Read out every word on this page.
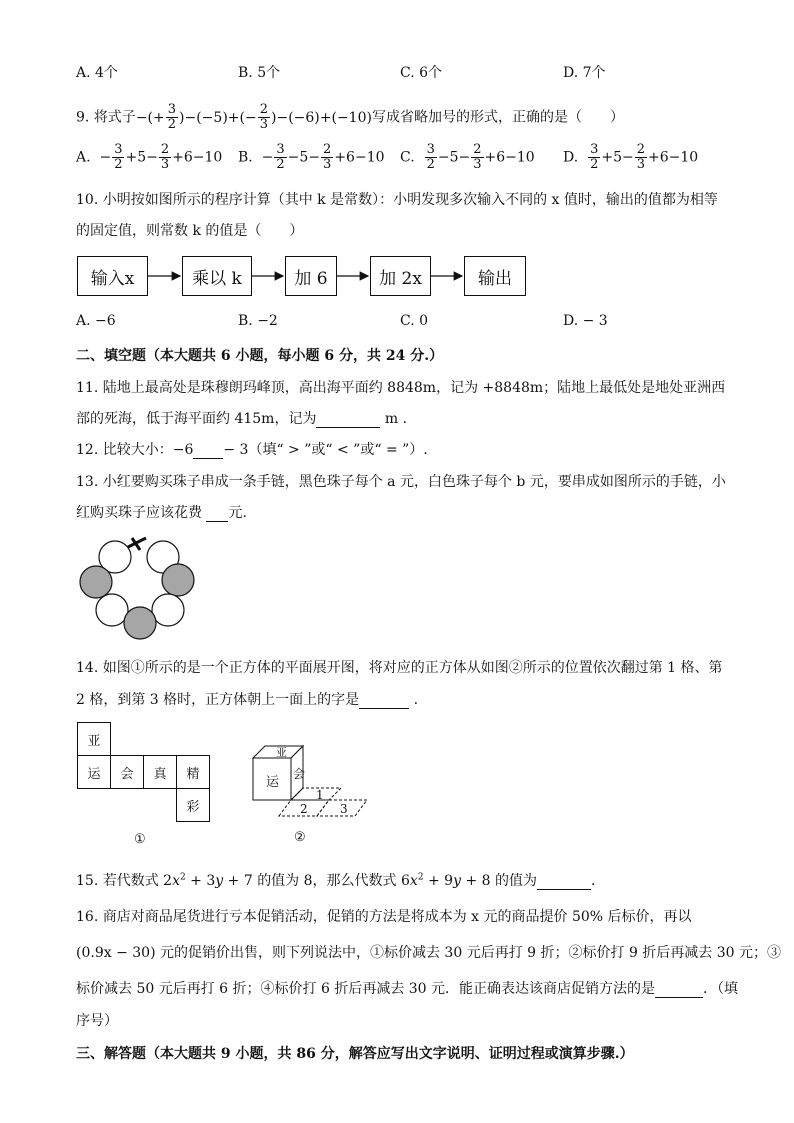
A. 4个	B. 5个	C. 6个	D. 7个
9. 将式子−(+ $\frac{3}{2} )-(-5)+(- \frac{2}{3} )-(-6)+(-10)$写成省略加号的形式，正确的是（　　）
A.  − $\frac{3}{2} +5- \frac{2}{3} +6-10$ B.  − $\frac{3}{2} -5- \frac{2}{3} +6-10$ C. $\frac{3}{2} -5- \frac{2}{3} +6-10$ D. $\frac{3}{2} +5- \frac{2}{3} +6-10$
10. 小明按如图所示的程序计算（其中 k 是常数）：小明发现多次输入不同的 x 值时，输出的值都为相等
的固定值，则常数 k 的值是（　　）
输入x	乘以 k	加 6	加 2x	输出
A. −6	B. −2	C. 0	D. − 3
二、填空题（本大题共 6 小题，每小题 6 分，共 24 分.）
11. 陆地上最高处是珠穆朗玛峰顶，高出海平面约 8848m，记为 +8848m；陆地上最低处是地处亚洲西
部的死海，低于海平面约 415m，记为	m .
12. 比较大小：−6 − 3（填“ > ”或“ < ”或“ = ”）.
13. 小红要购买珠子串成一条手链，黑色珠子每个 a 元，白色珠子每个 b 元，要串成如图所示的手链，小
红购买珠子应该花费  元.
14. 如图①所示的是一个正方体的平面展开图，将对应的正方体从如图②所示的位置依次翻过第 1 格、第
2 格，到第 3 格时，正方体朝上一面上的字是	.
亚
运	会	真	精
彩
①
亚
运
会
1
2	3
②
15. 若代数式 $2x^2 + 3y + 7$ 的值为 8，那么代数式 $6x^2 + 9y + 8$ 的值为	.
16. 商店对商品尾货进行亏本促销活动，促销的方法是将成本为 x 元的商品提价 50% 后标价，再以
(0.9x − 30) 元的促销价出售，则下列说法中，①标价减去 30 元后再打 9 折；②标价打 9 折后再减去 30 元；③
标价减去 50 元后再打 6 折；④标价打 6 折后再减去 30 元．能正确表达该商店促销方法的是	．（填
序号）
三、解答题（本大题共 9 小题，共 86 分，解答应写出文字说明、证明过程或演算步骤.）
